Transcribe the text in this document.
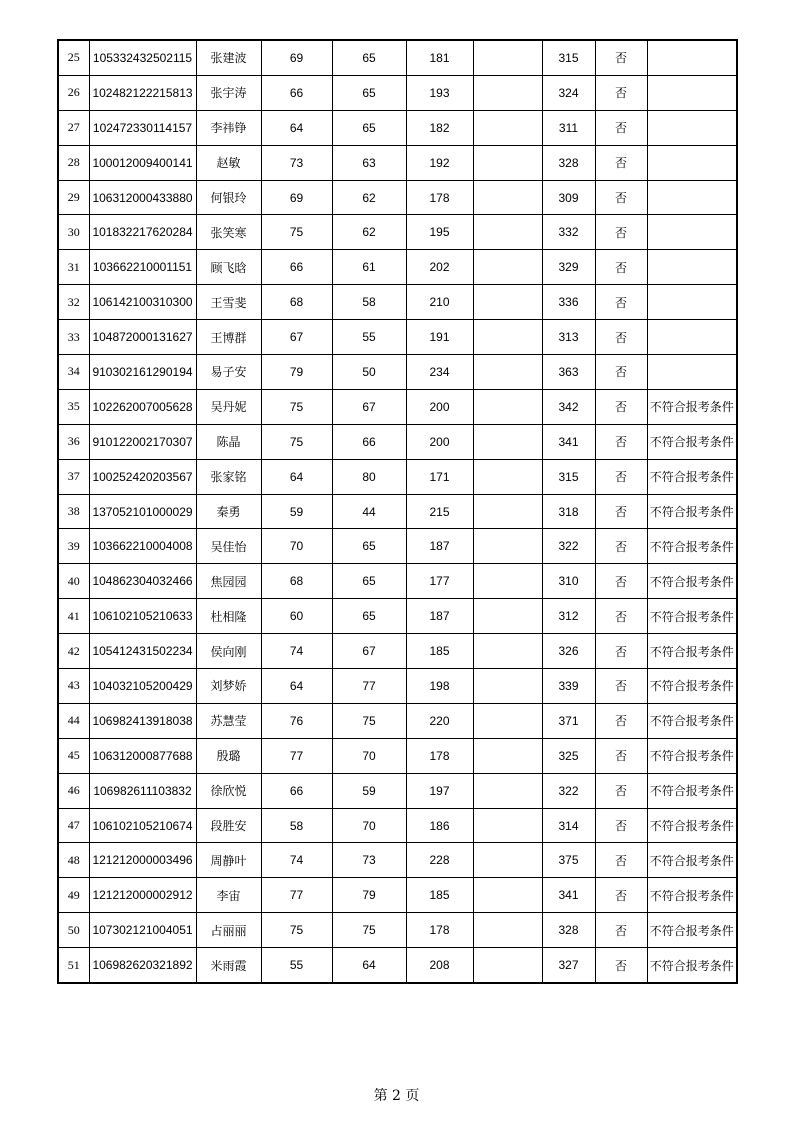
25	105332432502115	张建波	69	65	181		315	否	
26	102482122215813	张宇涛	66	65	193		324	否	
27	102472330114157	李祎铮	64	65	182		311	否	
28	100012009400141	赵敏	73	63	192		328	否	
29	106312000433880	何银玲	69	62	178		309	否	
30	101832217620284	张笑寒	75	62	195		332	否	
31	103662210001151	顾飞晗	66	61	202		329	否	
32	106142100310300	王雪斐	68	58	210		336	否	
33	104872000131627	王博群	67	55	191		313	否	
34	910302161290194	易子安	79	50	234		363	否	
35	102262007005628	吴丹妮	75	67	200		342	否	不符合报考条件
36	910122002170307	陈晶	75	66	200		341	否	不符合报考条件
37	100252420203567	张家铭	64	80	171		315	否	不符合报考条件
38	137052101000029	秦勇	59	44	215		318	否	不符合报考条件
39	103662210004008	吴佳怡	70	65	187		322	否	不符合报考条件
40	104862304032466	焦园园	68	65	177		310	否	不符合报考条件
41	106102105210633	杜相隆	60	65	187		312	否	不符合报考条件
42	105412431502234	侯向刚	74	67	185		326	否	不符合报考条件
43	104032105200429	刘梦娇	64	77	198		339	否	不符合报考条件
44	106982413918038	苏慧莹	76	75	220		371	否	不符合报考条件
45	106312000877688	殷璐	77	70	178		325	否	不符合报考条件
46	106982611103832	徐欣悦	66	59	197		322	否	不符合报考条件
47	106102105210674	段胜安	58	70	186		314	否	不符合报考条件
48	121212000003496	周静叶	74	73	228		375	否	不符合报考条件
49	121212000002912	李宙	77	79	185		341	否	不符合报考条件
50	107302121004051	占丽丽	75	75	178		328	否	不符合报考条件
51	106982620321892	米雨霞	55	64	208		327	否	不符合报考条件
第 2 页
